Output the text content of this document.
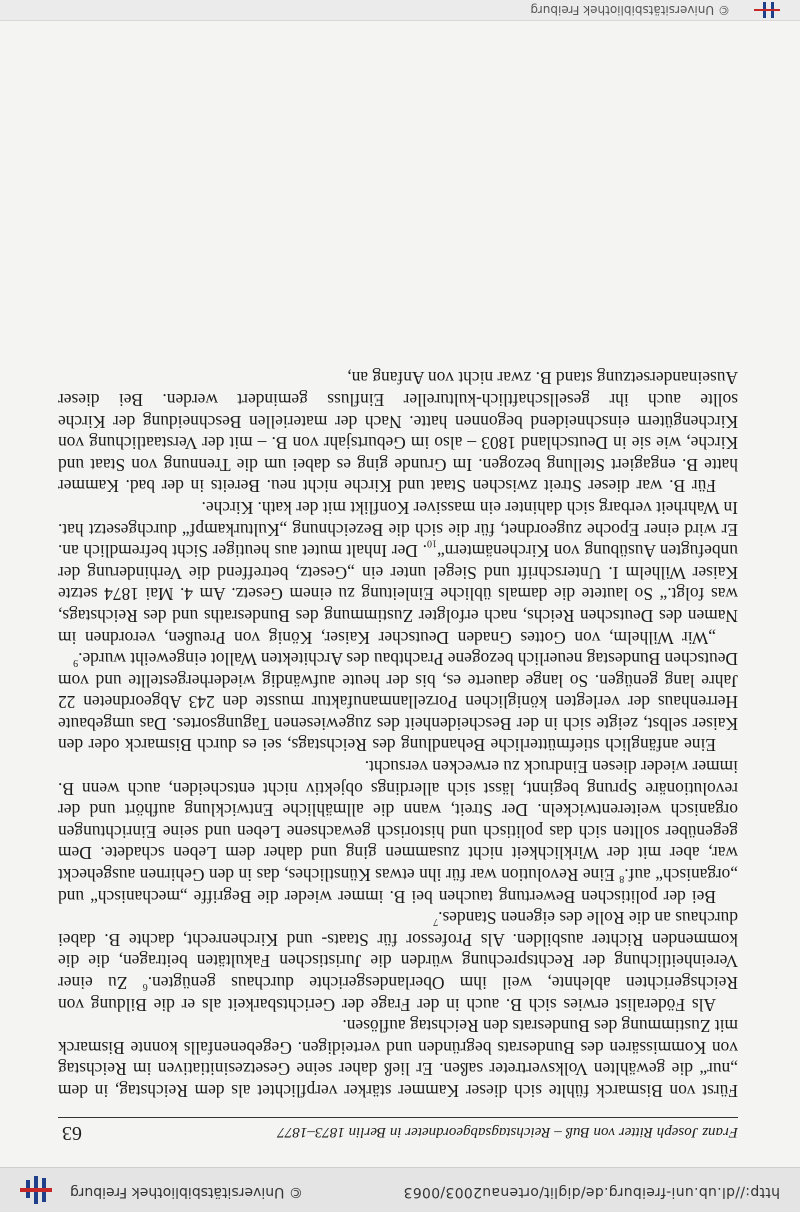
http://dl.ub.uni-freiburg.de/diglit/ortenau2003/0063
© Universitätsbibliothek Freiburg
Franz Joseph Ritter von Buß – Reichstagsabgeordneter in Berlin 1873–1877
63

Fürst von Bismarck fühlte sich dieser Kammer stärker verpflichtet als dem Reichstag, in dem „nur“ die gewählten Volksvertreter saßen. Er ließ daher seine Gesetzesinitiativen im Reichstag von Kommissären des Bundesrats begründen und verteidigen. Gegebenenfalls konnte Bismarck mit Zustimmung des Bundesrats den Reichstag auflösen.

Als Föderalist erwies sich B. auch in der Frage der Gerichtsbarkeit als er die Bildung von Reichsgerichten ablehnte, weil ihm Oberlandesgerichte durchaus genügten.$^6$ Zu einer Vereinheitlichung der Rechtsprechung würden die Juristischen Fakultäten beitragen, die die kommenden Richter ausbilden. Als Professor für Staats- und Kirchenrecht, dachte B. dabei durchaus an die Rolle des eigenen Standes.$^7$

Bei der politischen Bewertung tauchen bei B. immer wieder die Begriffe „mechanisch“ und „organisch“ auf.$^8$ Eine Revolution war für ihn etwas Künstliches, das in den Gehirnen ausgeheckt war, aber mit der Wirklichkeit nicht zusammen ging und daher dem Leben schadete. Dem gegenüber sollten sich das politisch und historisch gewachsene Leben und seine Einrichtungen organisch weiterentwickeln. Der Streit, wann die allmähliche Entwicklung aufhört und der revolutionäre Sprung beginnt, lässt sich allerdings objektiv nicht entscheiden, auch wenn B. immer wieder diesen Eindruck zu erwecken versucht.

Eine anfänglich stiefmütterliche Behandlung des Reichstags, sei es durch Bismarck oder den Kaiser selbst, zeigte sich in der Bescheidenheit des zugewiesenen Tagungsortes. Das umgebaute Herrenhaus der verlegten königlichen Porzellanmanufaktur musste den 243 Abgeordneten 22 Jahre lang genügen. So lange dauerte es, bis der heute aufwändig wiederhergestellte und vom Deutschen Bundestag neuerlich bezogene Prachtbau des Architekten Wallot eingeweiht wurde.$^9$

„Wir Wilhelm, von Gottes Gnaden Deutscher Kaiser, König von Preußen, verordnen im Namen des Deutschen Reichs, nach erfolgter Zustimmung des Bundesraths und des Reichstags, was folgt.“ So lautete die damals übliche Einleitung zu einem Gesetz. Am 4. Mai 1874 setzte Kaiser Wilhelm I. Unterschrift und Siegel unter ein „Gesetz, betreffend die Verhinderung der unbefugten Ausübung von $Kirchenämtern“_{10}$. Der Inhalt mutet aus heutiger Sicht befremdlich an. Er wird einer Epoche zugeordnet, für die sich die Bezeichnung „Kulturkampf“ durchgesetzt hat. In Wahrheit verbarg sich dahinter ein massiver Konflikt mit der kath. Kirche.

Für B. war dieser Streit zwischen Staat und Kirche nicht neu. Bereits in der bad. Kammer hatte B. engagiert Stellung bezogen. Im Grunde ging es dabei um die Trennung von Staat und Kirche, wie sie in Deutschland 1803 – also im Geburtsjahr von B. – mit der Verstaatlichung von Kirchengütern einschneidend begonnen hatte. Nach der materiellen Beschneidung der Kirche sollte auch ihr gesellschaftlich-kultureller Einfluss gemindert werden. Bei dieser Auseinandersetzung stand B. zwar nicht von Anfang an,

© Universitätsbibliothek Freiburg
